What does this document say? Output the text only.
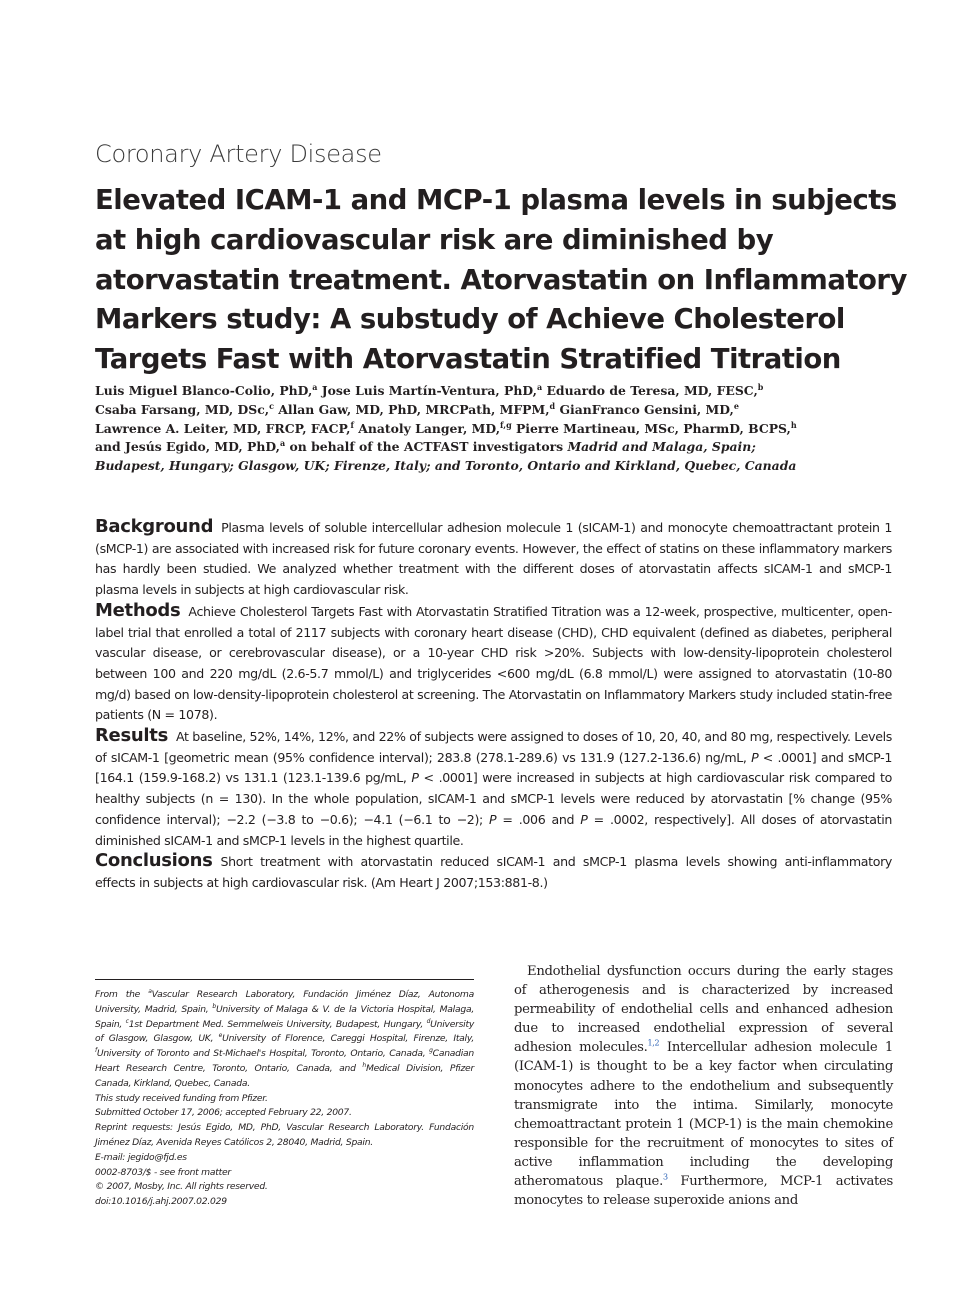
Coronary Artery Disease
Elevated ICAM-1 and MCP-1 plasma levels in subjects
at high cardiovascular risk are diminished by
atorvastatin treatment. Atorvastatin on Inflammatory
Markers study: A substudy of Achieve Cholesterol
Targets Fast with Atorvastatin Stratified Titration
Luis Miguel Blanco-Colio, PhD,$^a$ Jose Luis Martín-Ventura, PhD,$^a$ Eduardo de Teresa, MD, FESC,$^b$
Csaba Farsang, MD, DSc,$^c$ Allan Gaw, MD, PhD, MRCPath, MFPM,$^d$ GianFranco Gensini, MD,$^e$
Lawrence A. Leiter, MD, FRCP, FACP,$^f$ Anatoly Langer, MD,$^{f,g}$ Pierre Martineau, MSc, PharmD, BCPS,$^h$
and Jesús Egido, MD, PhD,$^a$ on behalf of the ACTFAST investigators Madrid and Malaga, Spain;
Budapest, Hungary; Glasgow, UK; Firenze, Italy; and Toronto, Ontario and Kirkland, Quebec, Canada

Background Plasma levels of soluble intercellular adhesion molecule 1 (sICAM-1) and monocyte chemoattractant protein 1 (sMCP-1) are associated with increased risk for future coronary events. However, the effect of statins on these inflammatory markers has hardly been studied. We analyzed whether treatment with the different doses of atorvastatin affects sICAM-1 and sMCP-1 plasma levels in subjects at high cardiovascular risk.

Methods Achieve Cholesterol Targets Fast with Atorvastatin Stratified Titration was a 12-week, prospective, multicenter, open-label trial that enrolled a total of 2117 subjects with coronary heart disease (CHD), CHD equivalent (defined as diabetes, peripheral vascular disease, or cerebrovascular disease), or a 10-year CHD risk >20%. Subjects with low-density-lipoprotein cholesterol between 100 and 220 mg/dL (2.6-5.7 mmol/L) and triglycerides <600 mg/dL (6.8 mmol/L) were assigned to atorvastatin (10-80 mg/d) based on low-density-lipoprotein cholesterol at screening. The Atorvastatin on Inflammatory Markers study included statin-free patients (N = 1078).

Results At baseline, 52%, 14%, 12%, and 22% of subjects were assigned to doses of 10, 20, 40, and 80 mg, respectively. Levels of sICAM-1 [geometric mean (95% confidence interval); 283.8 (278.1-289.6) vs 131.9 (127.2-136.6) ng/mL, P < .0001] and sMCP-1 [164.1 (159.9-168.2) vs 131.1 (123.1-139.6 pg/mL, P < .0001] were increased in subjects at high cardiovascular risk compared to healthy subjects (n = 130). In the whole population, sICAM-1 and sMCP-1 levels were reduced by atorvastatin [% change (95% confidence interval); −2.2 (−3.8 to −0.6); −4.1 (−6.1 to −2); P = .006 and P = .0002, respectively]. All doses of atorvastatin diminished sICAM-1 and sMCP-1 levels in the highest quartile.

Conclusions Short treatment with atorvastatin reduced sICAM-1 and sMCP-1 plasma levels showing anti-inflammatory effects in subjects at high cardiovascular risk. (Am Heart J 2007;153:881-8.)

From the $^a$Vascular Research Laboratory, Fundación Jiménez Díaz, Autonoma University, Madrid, Spain, $^b$University of Malaga & V. de la Victoria Hospital, Malaga, Spain, $^c$1st Department Med. Semmelweis University, Budapest, Hungary, $^d$University of Glasgow, Glasgow, UK, $^e$University of Florence, Careggi Hospital, Firenze, Italy, $^f$University of Toronto and St-Michael's Hospital, Toronto, Ontario, Canada, $^g$Canadian Heart Research Centre, Toronto, Ontario, Canada, and $^h$Medical Division, Pfizer Canada, Kirkland, Quebec, Canada.

This study received funding from Pfizer.

Submitted October 17, 2006; accepted February 22, 2007.

Reprint requests: Jesús Egido, MD, PhD, Vascular Research Laboratory. Fundación Jiménez Díaz, Avenida Reyes Católicos 2, 28040, Madrid, Spain.

E-mail: jegido@fjd.es

0002-8703/$ - see front matter

© 2007, Mosby, Inc. All rights reserved.

doi:10.1016/j.ahj.2007.02.029

Endothelial dysfunction occurs during the early stages of atherogenesis and is characterized by increased permeability of endothelial cells and enhanced adhesion due to increased endothelial expression of several adhesion molecules.$^{1,2}$ Intercellular adhesion molecule 1 (ICAM-1) is thought to be a key factor when circulating monocytes adhere to the endothelium and subsequently transmigrate into the intima. Similarly, monocyte chemoattractant protein 1 (MCP-1) is the main chemokine responsible for the recruitment of monocytes to sites of active inflammation including the developing atheromatous plaque.$^3$ Furthermore, MCP-1 activates monocytes to release superoxide anions and
